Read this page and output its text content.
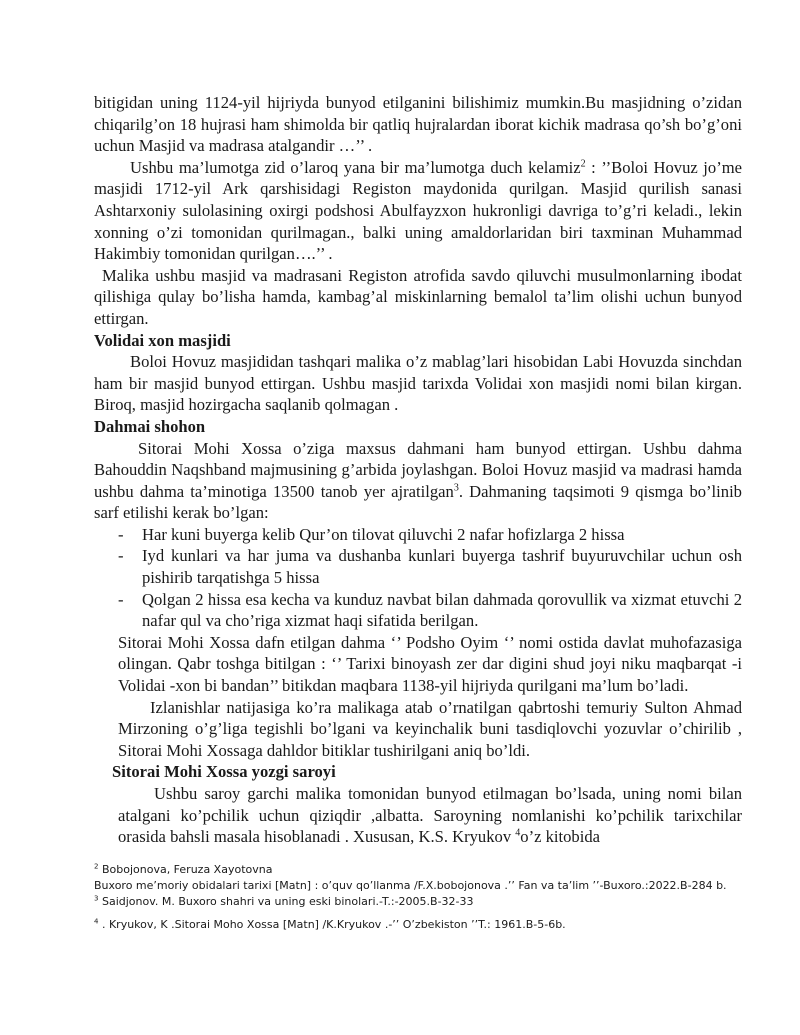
bitigidan uning 1124-yil hijriyda bunyod etilganini bilishimiz mumkin.Bu masjidning o’zidan chiqarilg’on 18 hujrasi ham shimolda bir qatliq hujralardan iborat kichik madrasa qo’sh bo’g’oni uchun Masjid va madrasa atalgandir …’’ .

Ushbu ma’lumotga zid o’laroq yana bir ma’lumotga duch kelamiz$^2$ : ’’Boloi Hovuz jo’me masjidi 1712-yil Ark qarshisidagi Registon maydonida qurilgan. Masjid qurilish sanasi Ashtarxoniy sulolasining oxirgi podshosi Abulfayzxon hukronligi davriga to’g’ri keladi., lekin xonning o’zi tomonidan qurilmagan., balki uning amaldorlaridan biri taxminan Muhammad Hakimbiy tomonidan qurilgan….’’ .

Malika ushbu masjid va madrasani Registon atrofida savdo qiluvchi musulmonlarning ibodat qilishiga qulay bo’lisha hamda, kambag’al miskinlarning bemalol ta’lim olishi uchun bunyod ettirgan.

Volidai xon masjidi

Boloi Hovuz masjididan tashqari malika o’z mablag’lari hisobidan Labi Hovuzda sinchdan ham bir masjid bunyod ettirgan. Ushbu masjid tarixda Volidai xon masjidi nomi bilan kirgan. Biroq, masjid hozirgacha saqlanib qolmagan .

Dahmai shohon

Sitorai Mohi Xossa o’ziga maxsus dahmani ham bunyod ettirgan. Ushbu dahma Bahouddin Naqshband majmusining g’arbida joylashgan. Boloi Hovuz masjid va madrasi hamda ushbu dahma ta’minotiga 13500 tanob yer ajratilgan$^3$. Dahmaning taqsimoti 9 qismga bo’linib sarf etilishi kerak bo’lgan:

- Har kuni buyerga kelib Qur’on tilovat qiluvchi 2 nafar hofizlarga 2 hissa
- Iyd kunlari va har juma va dushanba kunlari buyerga tashrif buyuruvchilar uchun osh pishirib tarqatishga 5 hissa
- Qolgan 2 hissa esa kecha va kunduz navbat bilan dahmada qorovullik va xizmat etuvchi 2 nafar qul va cho’riga xizmat haqi sifatida berilgan.

Sitorai Mohi Xossa dafn etilgan dahma ‘’ Podsho Oyim ‘’ nomi ostida davlat muhofazasiga olingan. Qabr toshga bitilgan : ‘’ Tarixi binoyash zer dar digini shud joyi niku maqbarqat -i Volidai -xon bi bandan’’ bitikdan maqbara 1138-yil hijriyda qurilgani ma’lum bo’ladi.

Izlanishlar natijasiga ko’ra malikaga atab o’rnatilgan qabrtoshi temuriy Sulton Ahmad Mirzoning o’g’liga tegishli bo’lgani va keyinchalik buni tasdiqlovchi yozuvlar o’chirilib , Sitorai Mohi Xossaga dahldor bitiklar tushirilgani aniq bo’ldi.

Sitorai Mohi Xossa yozgi saroyi

Ushbu saroy garchi malika tomonidan bunyod etilmagan bo’lsada, uning nomi bilan atalgani ko’pchilik uchun qiziqdir ,albatta. Saroyning nomlanishi ko’pchilik tarixchilar orasida bahsli masala hisoblanadi . Xususan, K.S. Kryukov $^4$o’z kitobida

$^2$ Bobojonova, Feruza Xayotovna

Buxoro me’moriy obidalari tarixi [Matn] : o’quv qo’llanma /F.X.bobojonova .’’ Fan va ta’lim ’’-Buxoro.:2022.B-284 b.

$^3$ Saidjonov. M. Buxoro shahri va uning eski binolari.-T.:-2005.B-32-33

$^4$ . Kryukov, K .Sitorai Moho Xossa [Matn] /K.Kryukov .-’’ O’zbekiston ’’T.: 1961.B-5-6b.
